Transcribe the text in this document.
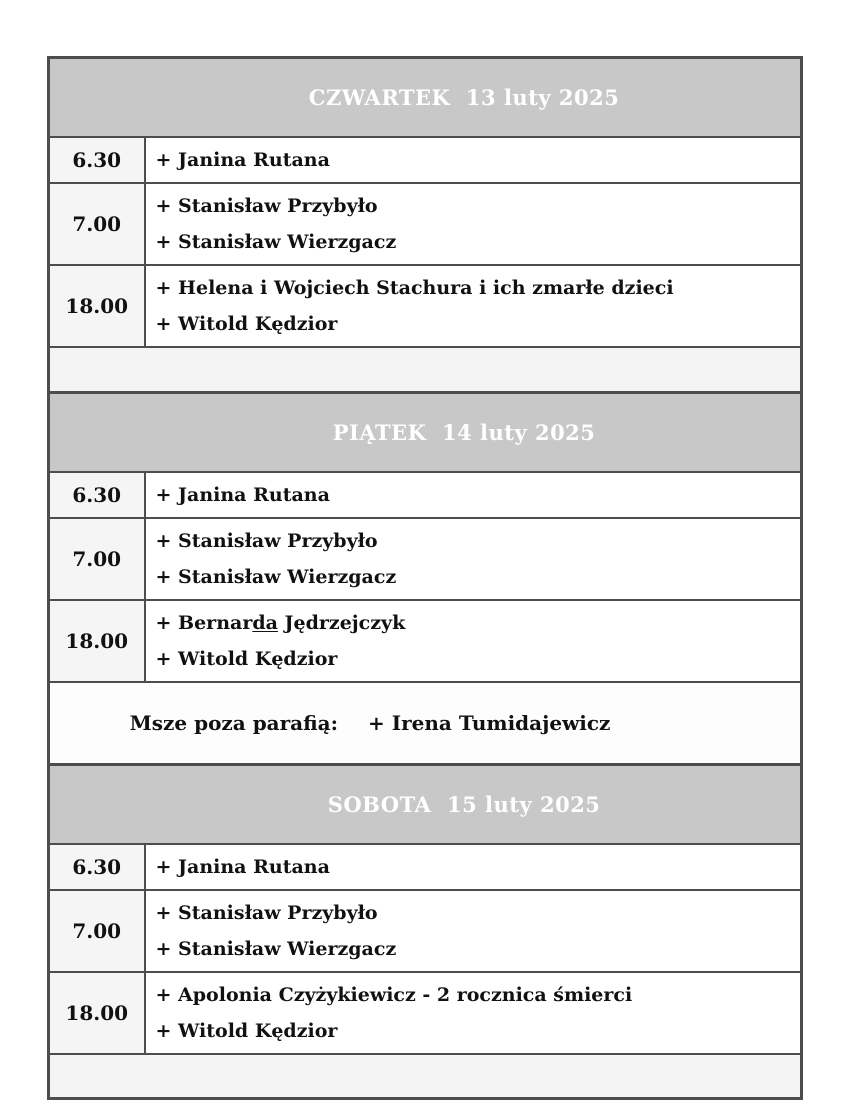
CZWARTEK  13 luty 2025	

6.30	+ Janina Rutana

7.00	+ Stanisław Przybyło
+ Stanisław Wierzgacz

18.00	+ Helena i Wojciech Stachura i ich zmarłe dzieci
+ Witold Kędzior

PIĄTEK  14 luty 2025	

6.30	+ Janina Rutana

7.00	+ Stanisław Przybyło
+ Stanisław Wierzgacz

18.00	+ Bernarda Jędrzejczyk
+ Witold Kędzior

Msze poza parafią: + Irena Tumidajewicz	

SOBOTA  15 luty 2025	

6.30	+ Janina Rutana

7.00	+ Stanisław Przybyło
+ Stanisław Wierzgacz

18.00	+ Apolonia Czyżykiewicz - 2 rocznica śmierci
+ Witold Kędzior
